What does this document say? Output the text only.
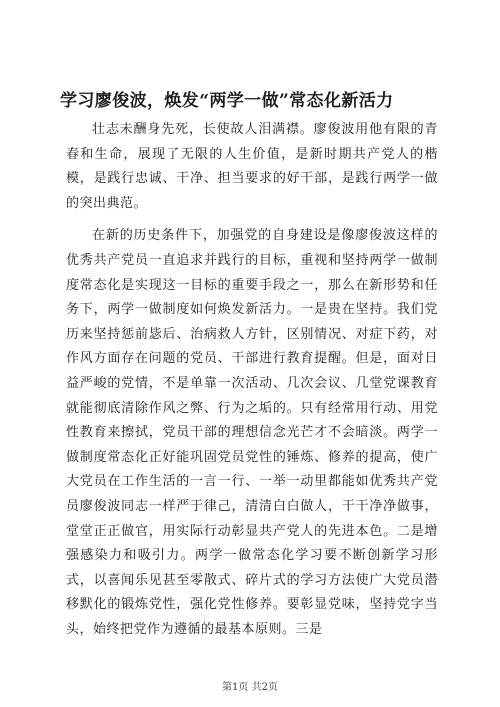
学习廖俊波，焕发“两学一做”常态化新活力

壮志未酬身先死，长使故人泪满襟。廖俊波用他有限的青春和生命，展现了无限的人生价值，是新时期共产党人的楷模，是践行忠诚、干净、担当要求的好干部，是践行两学一做的突出典范。

在新的历史条件下，加强党的自身建设是像廖俊波这样的优秀共产党员一直追求并践行的目标，重视和坚持两学一做制度常态化是实现这一目标的重要手段之一，那么在新形势和任务下，两学一做制度如何焕发新活力。一是贵在坚持。我们党历来坚持惩前毖后、治病救人方针，区别情况、对症下药，对作风方面存在问题的党员、干部进行教育提醒。但是，面对日益严峻的党情，不是单靠一次活动、几次会议、几堂党课教育就能彻底清除作风之弊、行为之垢的。只有经常用行动、用党性教育来擦拭，党员干部的理想信念光芒才不会暗淡。两学一做制度常态化正好能巩固党员党性的锤炼、修养的提高，使广大党员在工作生活的一言一行、一举一动里都能如优秀共产党员廖俊波同志一样严于律己，清清白白做人，干干净净做事，堂堂正正做官，用实际行动彰显共产党人的先进本色。二是增强感染力和吸引力。两学一做常态化学习要不断创新学习形式，以喜闻乐见甚至零散式、碎片式的学习方法使广大党员潜移默化的锻炼党性，强化党性修养。要彰显党味，坚持党字当头，始终把党作为遵循的最基本原则。三是

第1页 共2页
